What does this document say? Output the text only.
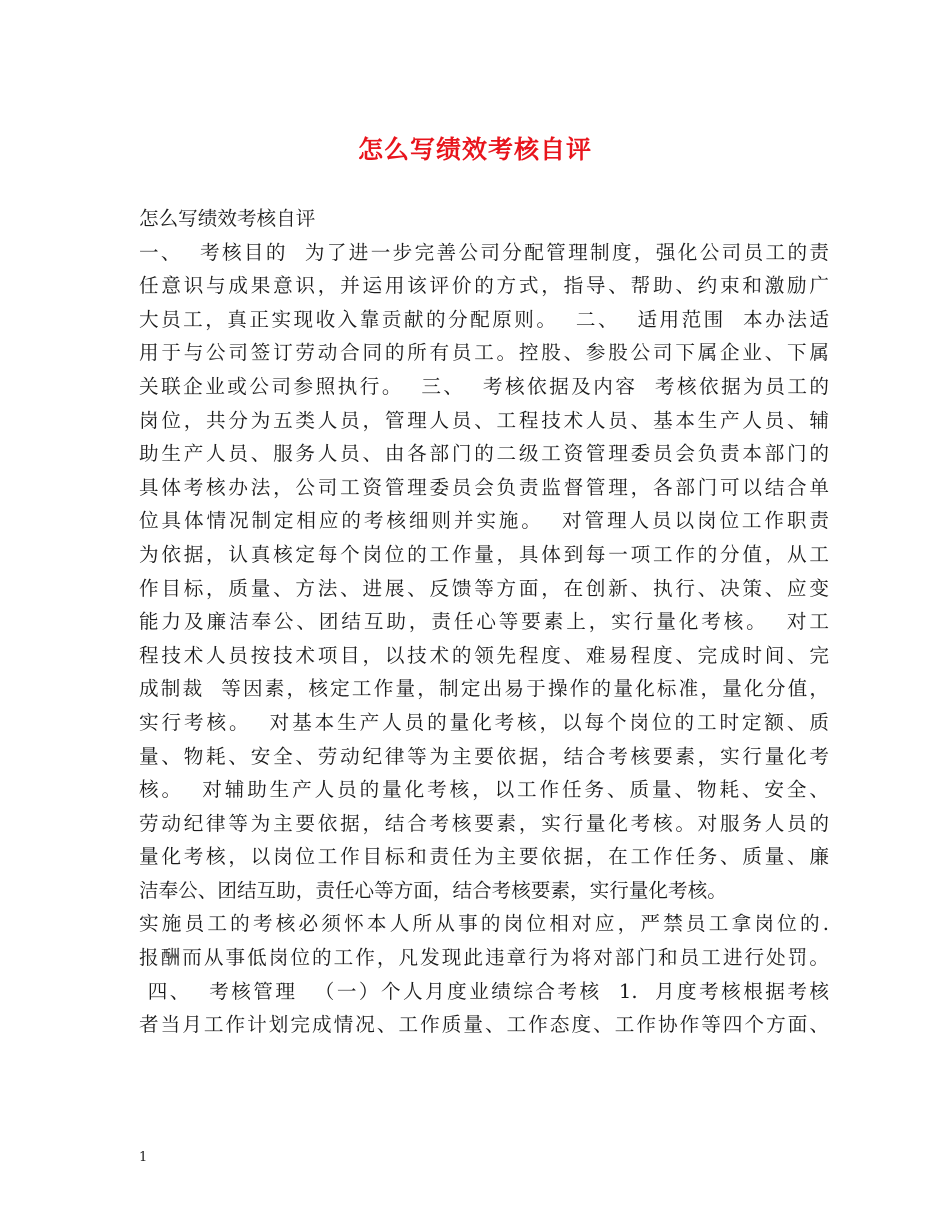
怎么写绩效考核自评
怎么写绩效考核自评
一、  考核目的  为了进一步完善公司分配管理制度，强化公司员工的责
任意识与成果意识，并运用该评价的方式，指导、帮助、约束和激励广
大员工，真正实现收入靠贡献的分配原则。  二、  适用范围  本办法适
用于与公司签订劳动合同的所有员工。控股、参股公司下属企业、下属
关联企业或公司参照执行。  三、  考核依据及内容  考核依据为员工的
岗位，共分为五类人员，管理人员、工程技术人员、基本生产人员、辅
助生产人员、服务人员、由各部门的二级工资管理委员会负责本部门的
具体考核办法，公司工资管理委员会负责监督管理，各部门可以结合单
位具体情况制定相应的考核细则并实施。  对管理人员以岗位工作职责
为依据，认真核定每个岗位的工作量，具体到每一项工作的分值，从工
作目标，质量、方法、进展、反馈等方面，在创新、执行、决策、应变
能力及廉洁奉公、团结互助，责任心等要素上，实行量化考核。  对工
程技术人员按技术项目，以技术的领先程度、难易程度、完成时间、完
成制裁  等因素，核定工作量，制定出易于操作的量化标准，量化分值，
实行考核。  对基本生产人员的量化考核，以每个岗位的工时定额、质
量、物耗、安全、劳动纪律等为主要依据，结合考核要素，实行量化考
核。  对辅助生产人员的量化考核，以工作任务、质量、物耗、安全、
劳动纪律等为主要依据，结合考核要素，实行量化考核。对服务人员的
量化考核，以岗位工作目标和责任为主要依据，在工作任务、质量、廉
洁奉公、团结互助，责任心等方面，结合考核要素，实行量化考核。
实施员工的考核必须怀本人所从事的岗位相对应，严禁员工拿岗位的.
报酬而从事低岗位的工作，凡发现此违章行为将对部门和员工进行处罚。
四、  考核管理  （一）个人月度业绩综合考核  1.  月度考核根据考核
者当月工作计划完成情况、工作质量、工作态度、工作协作等四个方面、
1
